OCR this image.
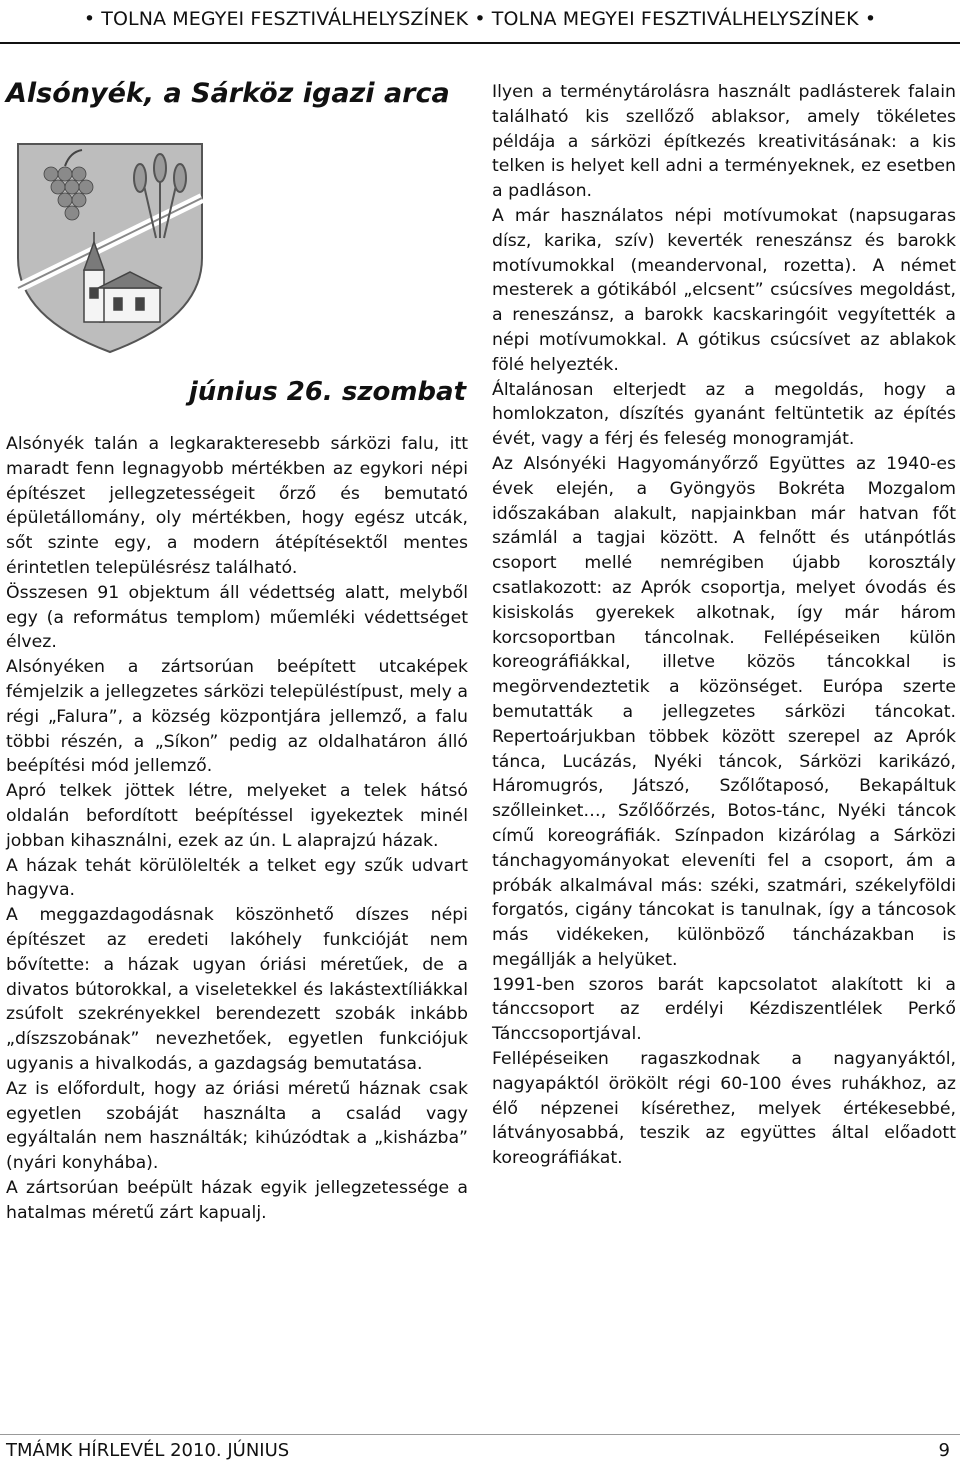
• TOLNA MEGYEI FESZTIVÁLHELYSZÍNEK • TOLNA MEGYEI FESZTIVÁLHELYSZÍNEK •
Alsónyék, a Sárköz igazi arca
június 26. szombat

Alsónyék talán a legkarakteresebb sárközi falu, itt maradt fenn legnagyobb mértékben az egykori népi építészet jellegzetességeit őrző és bemutató épületállomány, oly mértékben, hogy egész utcák, sőt szinte egy, a modern átépítésektől mentes érintetlen településrész található.

Összesen 91 objektum áll védettség alatt, melyből egy (a református templom) műemléki védettséget élvez.

Alsónyéken a zártsorúan beépített utcaképek fémjelzik a jellegzetes sárközi településtípust, mely a régi „Falura”, a község központjára jellemző, a falu többi részén, a „Síkon” pedig az oldalhatáron álló beépítési mód jellemző.

Apró telkek jöttek létre, melyeket a telek hátsó oldalán befordított beépítéssel igyekeztek minél jobban kihasználni, ezek az ún. L alaprajzú házak.

A házak tehát körülölelték a telket egy szűk udvart hagyva.

A meggazdagodásnak köszönhető díszes népi építészet az eredeti lakóhely funkcióját nem bővítette: a házak ugyan óriási méretűek, de a divatos bútorokkal, a viseletekkel és lakástextíliákkal zsúfolt szekrényekkel berendezett szobák inkább „díszszobának” nevezhetőek, egyetlen funkciójuk ugyanis a hivalkodás, a gazdagság bemutatása.

Az is előfordult, hogy az óriási méretű háznak csak egyetlen szobáját használta a család vagy egyáltalán nem használták; kihúzódtak a „kisházba” (nyári konyhába).

A zártsorúan beépült házak egyik jellegzetessége a hatalmas méretű zárt kapualj.

Ilyen a terménytárolásra használt padlásterek falain található kis szellőző ablaksor, amely tökéletes példája a sárközi építkezés kreativitásának: a kis telken is helyet kell adni a terményeknek, ez esetben a padláson.

A már használatos népi motívumokat (napsugaras dísz, karika, szív) keverték reneszánsz és barokk motívumokkal (meandervonal, rozetta). A német mesterek a gótikából „elcsent” csúcsíves megoldást, a reneszánsz, a barokk kacskaringóit vegyítették a népi motívumokkal. A gótikus csúcsívet az ablakok fölé helyezték.

Általánosan elterjedt az a megoldás, hogy a homlokzaton, díszítés gyanánt feltüntetik az építés évét, vagy a férj és feleség monogramját.

Az Alsónyéki Hagyományőrző Együttes az 1940-es évek elején, a Gyöngyös Bokréta Mozgalom időszakában alakult, napjainkban már hatvan főt számlál a tagjai között. A felnőtt és utánpótlás csoport mellé nemrégiben újabb korosztály csatlakozott: az Aprók csoportja, melyet óvodás és kisiskolás gyerekek alkotnak, így már három korcsoportban táncolnak. Fellépéseiken külön koreográfiákkal, illetve közös táncokkal is megörvendeztetik a közönséget. Európa szerte bemutatták a jellegzetes sárközi táncokat. Repertoárjukban többek között szerepel az Aprók tánca, Lucázás, Nyéki táncok, Sárközi karikázó, Háromugrós, Játszó, Szőlőtaposó, Bekapáltuk szőlleinket…, Szőlőőrzés, Botos-tánc, Nyéki táncok című koreográfiák. Színpadon kizárólag a Sárközi tánchagyományokat eleveníti fel a csoport, ám a próbák alkalmával más: széki, szatmári, székelyföldi forgatós, cigány táncokat is tanulnak, így a táncosok más vidékeken, különböző táncházakban is megállják a helyüket.

1991-ben szoros barát kapcsolatot alakított ki a tánccsoport az erdélyi Kézdiszentlélek Perkő Tánccsoportjával.

Fellépéseiken ragaszkodnak a nagyanyáktól, nagyapáktól örökölt régi 60-100 éves ruhákhoz, az élő népzenei kísérethez, melyek értékesebbé, látványosabbá, teszik az együttes által előadott koreográfiákat.

TMÁMK HÍRLEVÉL 2010. JÚNIUS	9
